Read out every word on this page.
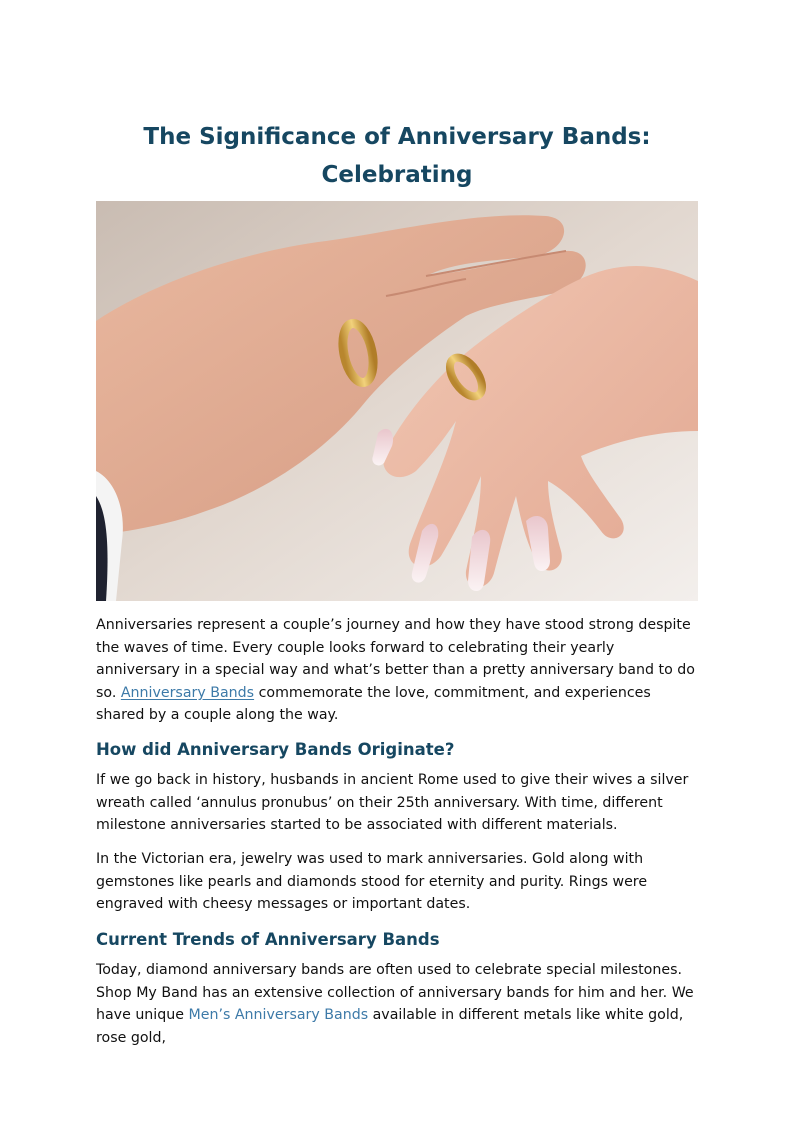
The Significance of Anniversary Bands: Celebrating

Anniversaries represent a couple’s journey and how they have stood strong despite the waves of time. Every couple looks forward to celebrating their yearly anniversary in a special way and what’s better than a pretty anniversary band to do so. Anniversary Bands commemorate the love, commitment, and experiences shared by a couple along the way.

How did Anniversary Bands Originate?

If we go back in history, husbands in ancient Rome used to give their wives a silver wreath called ‘annulus pronubus’ on their 25th anniversary. With time, different milestone anniversaries started to be associated with different materials.

In the Victorian era, jewelry was used to mark anniversaries. Gold along with gemstones like pearls and diamonds stood for eternity and purity. Rings were engraved with cheesy messages or important dates.

Current Trends of Anniversary Bands

Today, diamond anniversary bands are often used to celebrate special milestones. Shop My Band has an extensive collection of anniversary bands for him and her. We have unique Men’s Anniversary Bands available in different metals like white gold, rose gold,
